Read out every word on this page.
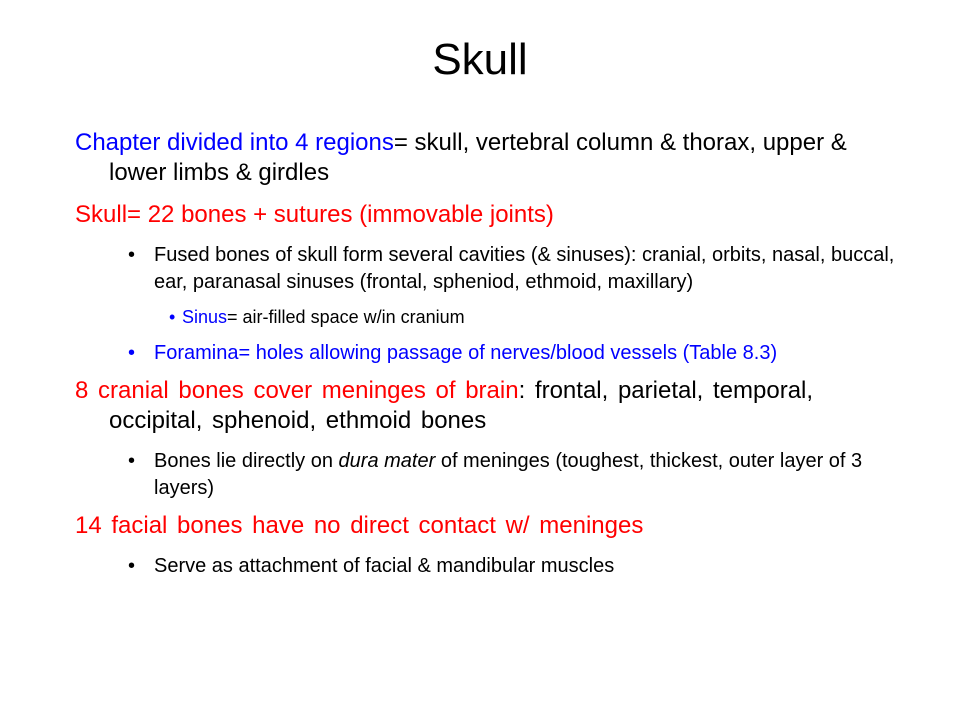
Skull
Chapter divided into 4 regions= skull, vertebral column & thorax, upper & lower limbs & girdles
Skull= 22 bones + sutures (immovable joints)
• Fused bones of skull form several cavities (& sinuses): cranial, orbits, nasal, buccal, ear, paranasal sinuses (frontal, spheniod, ethmoid, maxillary)
• Sinus= air-filled space w/in cranium
• Foramina= holes allowing passage of nerves/blood vessels (Table 8.3)
8 cranial bones cover meninges of brain: frontal, parietal, temporal, occipital, sphenoid, ethmoid bones
• Bones lie directly on dura mater of meninges (toughest, thickest, outer layer of 3 layers)
14 facial bones have no direct contact w/ meninges
• Serve as attachment of facial & mandibular muscles
